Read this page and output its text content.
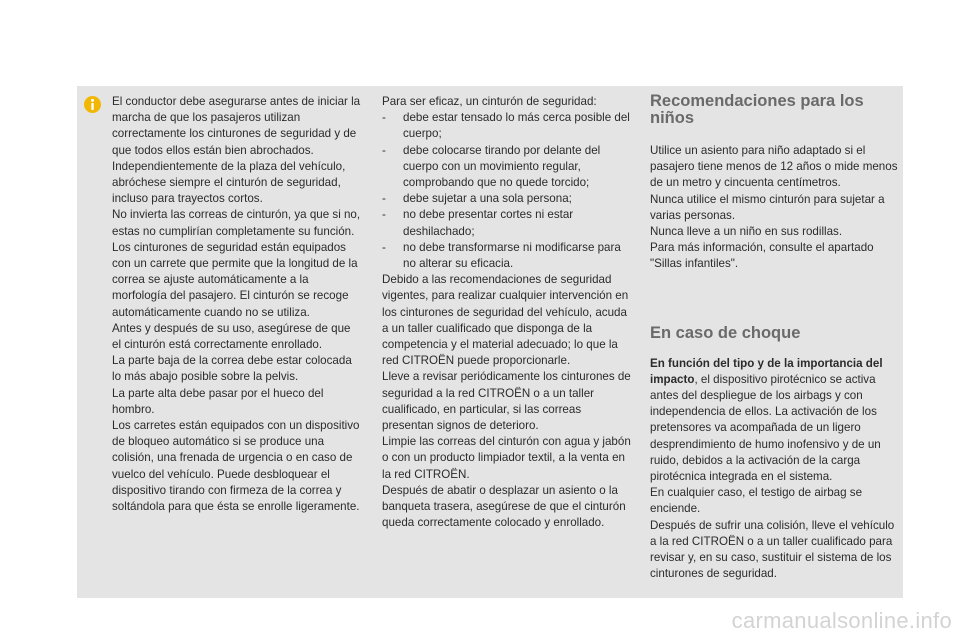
El conductor debe asegurarse antes de iniciar la marcha de que los pasajeros utilizan correctamente los cinturones de seguridad y de que todos ellos están bien abrochados.

Independientemente de la plaza del vehículo, abróchese siempre el cinturón de seguridad, incluso para trayectos cortos.

No invierta las correas de cinturón, ya que si no, estas no cumplirían completamente su función.

Los cinturones de seguridad están equipados con un carrete que permite que la longitud de la correa se ajuste automáticamente a la morfología del pasajero. El cinturón se recoge automáticamente cuando no se utiliza.

Antes y después de su uso, asegúrese de que el cinturón está correctamente enrollado.

La parte baja de la correa debe estar colocada lo más abajo posible sobre la pelvis.

La parte alta debe pasar por el hueco del hombro.

Los carretes están equipados con un dispositivo de bloqueo automático si se produce una colisión, una frenada de urgencia o en caso de vuelco del vehículo. Puede desbloquear el dispositivo tirando con firmeza de la correa y soltándola para que ésta se enrolle ligeramente.

Para ser eficaz, un cinturón de seguridad:

- debe estar tensado lo más cerca posible del cuerpo;
- debe colocarse tirando por delante del cuerpo con un movimiento regular, comprobando que no quede torcido;
- debe sujetar a una sola persona;
- no debe presentar cortes ni estar deshilachado;
- no debe transformarse ni modificarse para no alterar su eficacia.

Debido a las recomendaciones de seguridad vigentes, para realizar cualquier intervención en los cinturones de seguridad del vehículo, acuda a un taller cualificado que disponga de la competencia y el material adecuado; lo que la red CITROËN puede proporcionarle.

Lleve a revisar periódicamente los cinturones de seguridad a la red CITROËN o a un taller cualificado, en particular, si las correas presentan signos de deterioro.

Limpie las correas del cinturón con agua y jabón o con un producto limpiador textil, a la venta en la red CITROËN.

Después de abatir o desplazar un asiento o la banqueta trasera, asegúrese de que el cinturón queda correctamente colocado y enrollado.

Recomendaciones para los niños

Utilice un asiento para niño adaptado si el pasajero tiene menos de 12 años o mide menos de un metro y cincuenta centímetros.

Nunca utilice el mismo cinturón para sujetar a varias personas.

Nunca lleve a un niño en sus rodillas.

Para más información, consulte el apartado "Sillas infantiles".

En caso de choque

En función del tipo y de la importancia del impacto, el dispositivo pirotécnico se activa antes del despliegue de los airbags y con independencia de ellos. La activación de los pretensores va acompañada de un ligero desprendimiento de humo inofensivo y de un ruido, debidos a la activación de la carga pirotécnica integrada en el sistema.

En cualquier caso, el testigo de airbag se enciende.

Después de sufrir una colisión, lleve el vehículo a la red CITROËN o a un taller cualificado para revisar y, en su caso, sustituir el sistema de los cinturones de seguridad.

carmanualsonline.info
